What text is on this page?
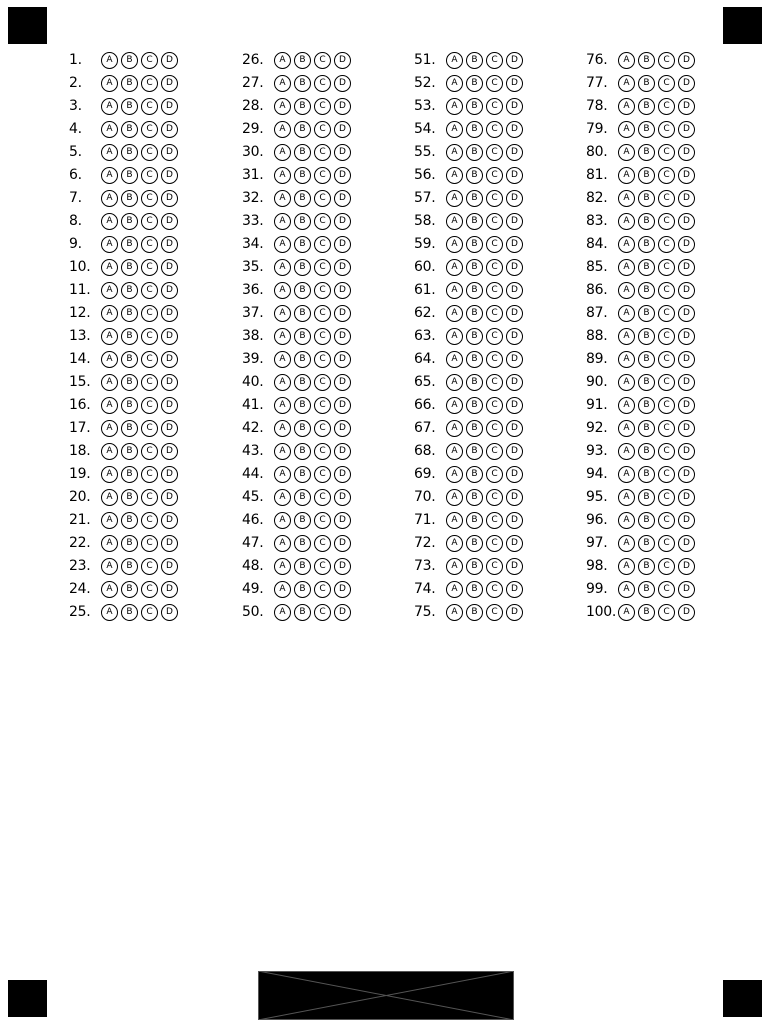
1.	A	B	C	D
2.	A	B	C	D
3.	A	B	C	D
4.	A	B	C	D
5.	A	B	C	D
6.	A	B	C	D
7.	A	B	C	D
8.	A	B	C	D
9.	A	B	C	D
10.	A	B	C	D
11.	A	B	C	D
12.	A	B	C	D
13.	A	B	C	D
14.	A	B	C	D
15.	A	B	C	D
16.	A	B	C	D
17.	A	B	C	D
18.	A	B	C	D
19.	A	B	C	D
20.	A	B	C	D
21.	A	B	C	D
22.	A	B	C	D
23.	A	B	C	D
24.	A	B	C	D
25.	A	B	C	D
26.	A	B	C	D
27.	A	B	C	D
28.	A	B	C	D
29.	A	B	C	D
30.	A	B	C	D
31.	A	B	C	D
32.	A	B	C	D
33.	A	B	C	D
34.	A	B	C	D
35.	A	B	C	D
36.	A	B	C	D
37.	A	B	C	D
38.	A	B	C	D
39.	A	B	C	D
40.	A	B	C	D
41.	A	B	C	D
42.	A	B	C	D
43.	A	B	C	D
44.	A	B	C	D
45.	A	B	C	D
46.	A	B	C	D
47.	A	B	C	D
48.	A	B	C	D
49.	A	B	C	D
50.	A	B	C	D
51.	A	B	C	D
52.	A	B	C	D
53.	A	B	C	D
54.	A	B	C	D
55.	A	B	C	D
56.	A	B	C	D
57.	A	B	C	D
58.	A	B	C	D
59.	A	B	C	D
60.	A	B	C	D
61.	A	B	C	D
62.	A	B	C	D
63.	A	B	C	D
64.	A	B	C	D
65.	A	B	C	D
66.	A	B	C	D
67.	A	B	C	D
68.	A	B	C	D
69.	A	B	C	D
70.	A	B	C	D
71.	A	B	C	D
72.	A	B	C	D
73.	A	B	C	D
74.	A	B	C	D
75.	A	B	C	D
76.	A	B	C	D
77.	A	B	C	D
78.	A	B	C	D
79.	A	B	C	D
80.	A	B	C	D
81.	A	B	C	D
82.	A	B	C	D
83.	A	B	C	D
84.	A	B	C	D
85.	A	B	C	D
86.	A	B	C	D
87.	A	B	C	D
88.	A	B	C	D
89.	A	B	C	D
90.	A	B	C	D
91.	A	B	C	D
92.	A	B	C	D
93.	A	B	C	D
94.	A	B	C	D
95.	A	B	C	D
96.	A	B	C	D
97.	A	B	C	D
98.	A	B	C	D
99.	A	B	C	D
100. A	B	C	D
